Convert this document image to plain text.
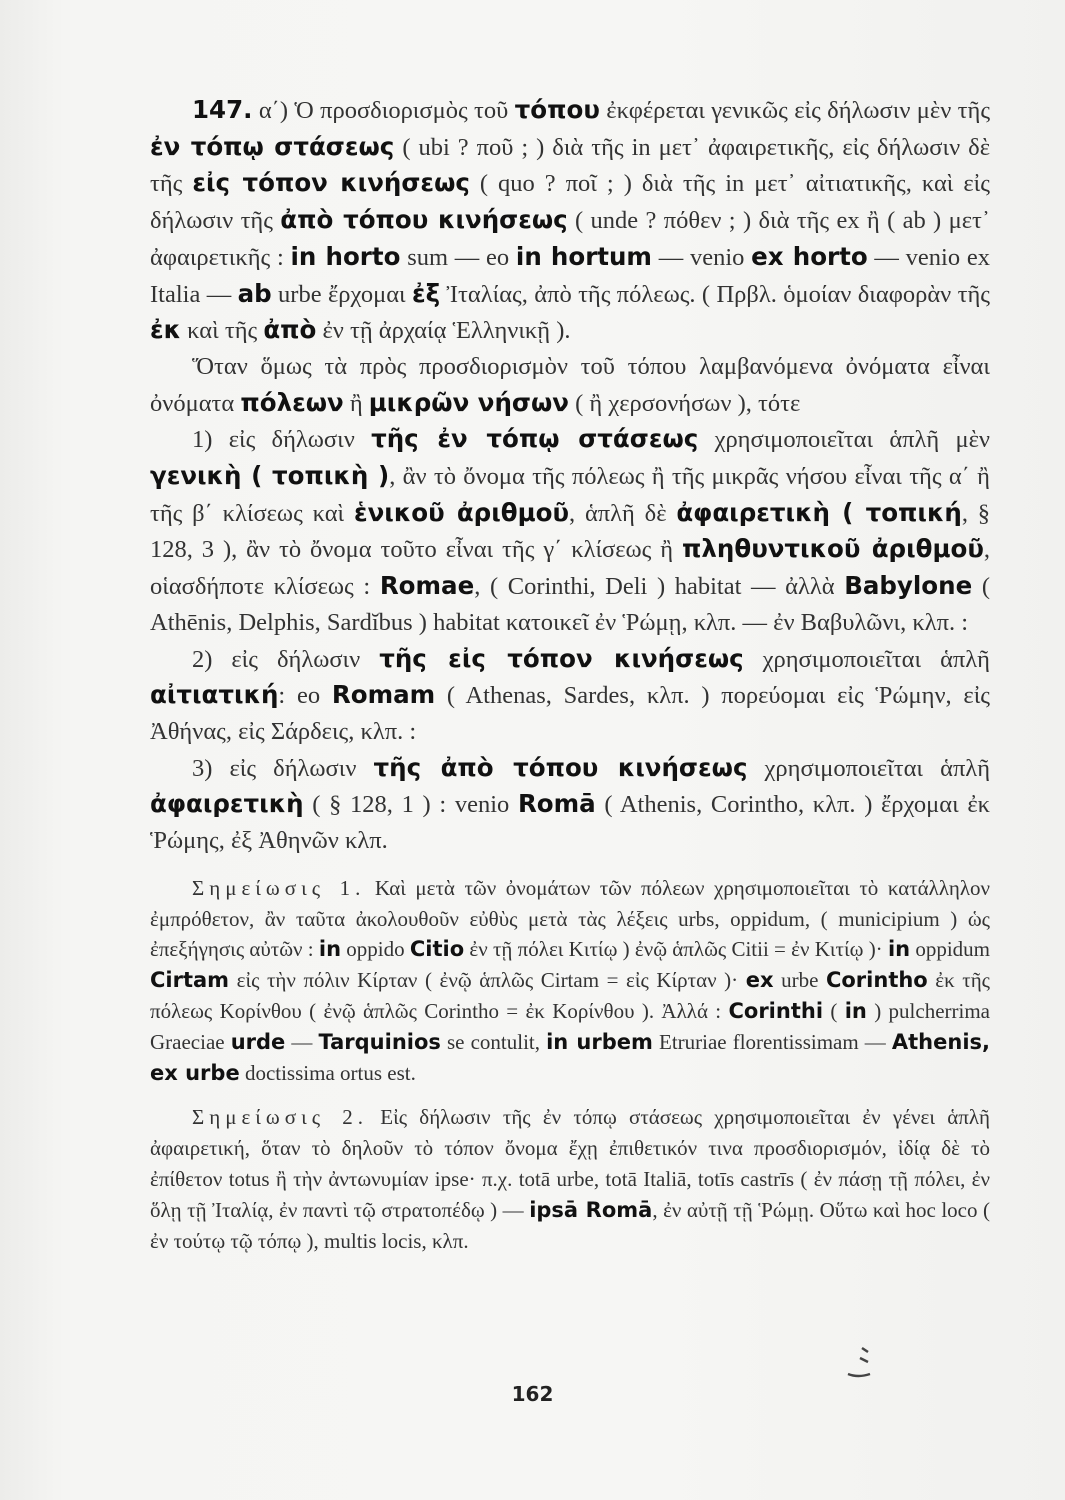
147. α΄) Ὁ προσδιορισμὸς τοῦ τόπου ἐκφέρεται γενικῶς εἰς δήλωσιν μὲν τῆς ἐν τόπῳ στάσεως ( ubi ? ποῦ ; ) διὰ τῆς in μετ᾽ ἀφαιρετικῆς, εἰς δήλωσιν δὲ τῆς εἰς τόπον κινήσεως ( quo ? ποῖ ; ) διὰ τῆς in μετ᾽ αἰτιατικῆς, καὶ εἰς δήλωσιν τῆς ἀπὸ τόπου κινήσεως ( unde ? πόθεν ; ) διὰ τῆς ex ἢ ( ab ) μετ᾽ ἀφαιρετικῆς : in horto sum — eo in hortum — venio ex horto — venio ex Italia — ab urbe ἔρχομαι ἐξ Ἰταλίας, ἀπὸ τῆς πόλεως. ( Πρβλ. ὁμοίαν διαφορὰν τῆς ἐκ καὶ τῆς ἀπὸ ἐν τῇ ἀρχαίᾳ Ἑλληνικῇ ).

Ὅταν ὅμως τὰ πρὸς προσδιορισμὸν τοῦ τόπου λαμβανόμενα ὀνόματα εἶναι ὀνόματα πόλεων ἢ μικρῶν νήσων ( ἢ χερσονήσων ), τότε

1) εἰς δήλωσιν τῆς ἐν τόπῳ στάσεως χρησιμοποιεῖται ἁπλῆ μὲν γενικὴ ( τοπικὴ ), ἂν τὸ ὄνομα τῆς πόλεως ἢ τῆς μικρᾶς νήσου εἶναι τῆς α΄ ἢ τῆς β΄ κλίσεως καὶ ἑνικοῦ ἀριθμοῦ, ἁπλῆ δὲ ἀφαιρετικὴ ( τοπική, § 128, 3 ), ἂν τὸ ὄνομα τοῦτο εἶναι τῆς γ΄ κλίσεως ἢ πληθυντικοῦ ἀριθμοῦ, οἱασδήποτε κλίσεως : Romae, ( Corinthi, Deli ) habitat — ἀλλὰ Babylone ( Athēnis, Delphis, Sardĭbus ) habitat κατοικεῖ ἐν Ῥώμῃ, κλπ. — ἐν Βαβυλῶνι, κλπ. :

2) εἰς δήλωσιν τῆς εἰς τόπον κινήσεως χρησιμοποιεῖται ἁπλῆ αἰτιατική: eo Romam ( Athenas, Sardes, κλπ. ) πορεύομαι εἰς Ῥώμην, εἰς Ἀθήνας, εἰς Σάρδεις, κλπ. :

3) εἰς δήλωσιν τῆς ἀπὸ τόπου κινήσεως χρησιμοποιεῖται ἁπλῆ ἀφαιρετικὴ ( § 128, 1 ) : venio Romā ( Athenis, Corintho, κλπ. ) ἔρχομαι ἐκ Ῥώμης, ἐξ Ἀθηνῶν κλπ.

Σημείωσις 1. Καὶ μετὰ τῶν ὀνομάτων τῶν πόλεων χρησιμοποιεῖται τὸ κατάλληλον ἐμπρόθετον, ἂν ταῦτα ἀκολουθοῦν εὐθὺς μετὰ τὰς λέξεις urbs, oppidum, ( municipium ) ὡς ἐπεξήγησις αὐτῶν : in oppido Citio ἐν τῇ πόλει Κιτίῳ ) ἐνῷ ἁπλῶς Citii = ἐν Κιτίῳ )· in oppidum Cirtam εἰς τὴν πόλιν Κίρταν ( ἐνῷ ἁπλῶς Cirtam = εἰς Κίρταν )· ex urbe Corintho ἐκ τῆς πόλεως Κορίνθου ( ἐνῷ ἁπλῶς Corintho = ἐκ Κορίνθου ). Ἀλλά : Corinthi ( in ) pulcherrima Graeciae urde — Tarquinios se contulit, in urbem Etruriae florentissimam — Athenis, ex urbe doctissima ortus est.

Σημείωσις 2. Εἰς δήλωσιν τῆς ἐν τόπῳ στάσεως χρησιμοποιεῖται ἐν γένει ἁπλῆ ἀφαιρετική, ὅταν τὸ δηλοῦν τὸ τόπον ὄνομα ἔχῃ ἐπιθετικόν τινα προσδιορισμόν, ἰδίᾳ δὲ τὸ ἐπίθετον totus ἢ τὴν ἀντωνυμίαν ipse· π.χ. totā urbe, totā Italiā, totīs castrīs ( ἐν πάσῃ τῇ πόλει, ἐν ὅλῃ τῇ Ἰταλίᾳ, ἐν παντὶ τῷ στρατοπέδῳ ) — ipsā Romā, ἐν αὐτῇ τῇ Ῥώμῃ. Οὕτω καὶ hoc loco ( ἐν τούτῳ τῷ τόπῳ ), multis locis, κλπ.

162
